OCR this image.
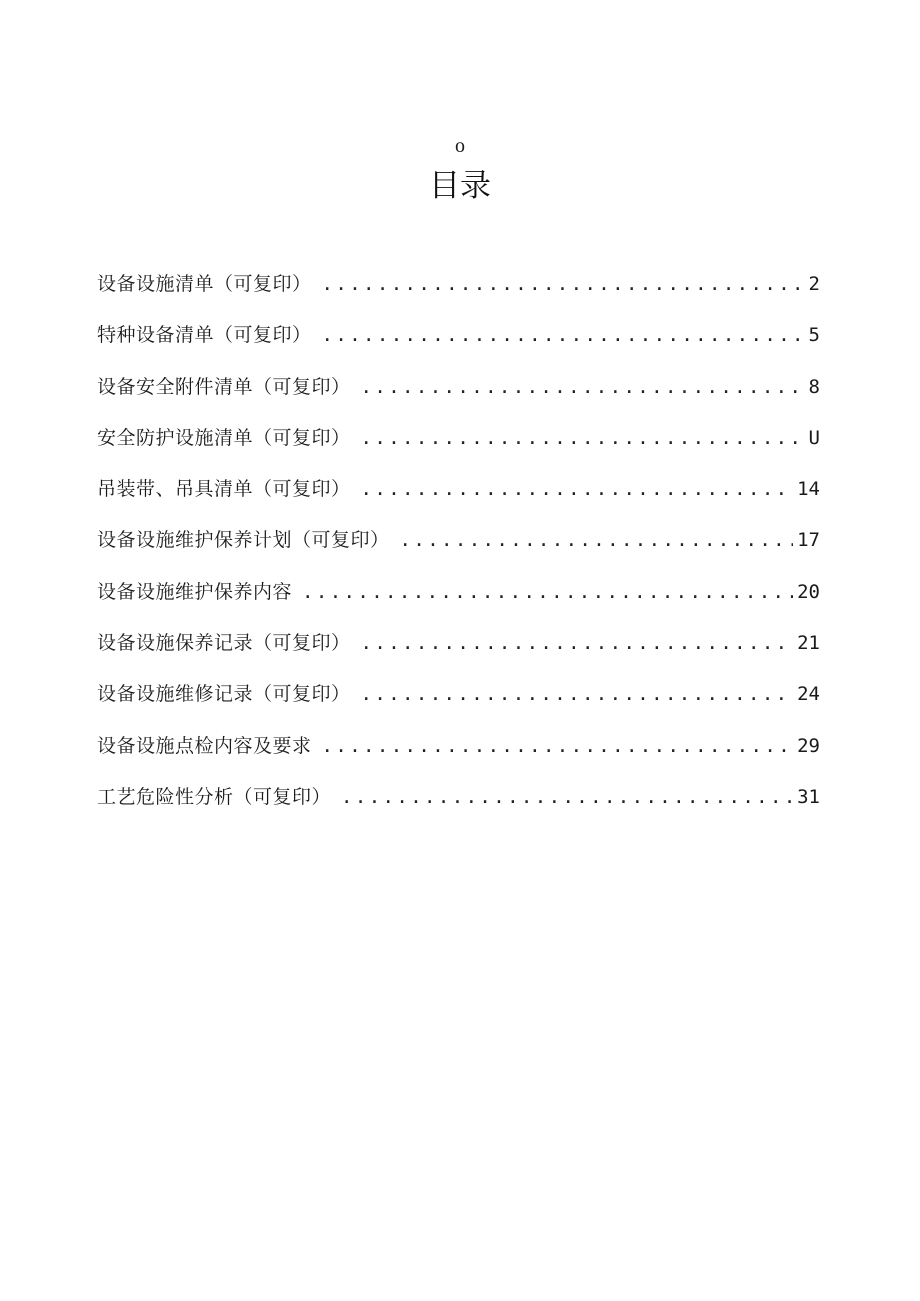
o
目录
设备设施清单（可复印） .....	2
特种设备清单（可复印） .....	5
设备安全附件清单（可复印） .....	8
安全防护设施清单（可复印） .....	U
吊装带、吊具清单（可复印） .....	14
设备设施维护保养计划（可复印） .....	17
设备设施维护保养内容 .....	20
设备设施保养记录（可复印） .....	21
设备设施维修记录（可复印） .....	24
设备设施点检内容及要求 .....	29
工艺危险性分析（可复印） .....	31
